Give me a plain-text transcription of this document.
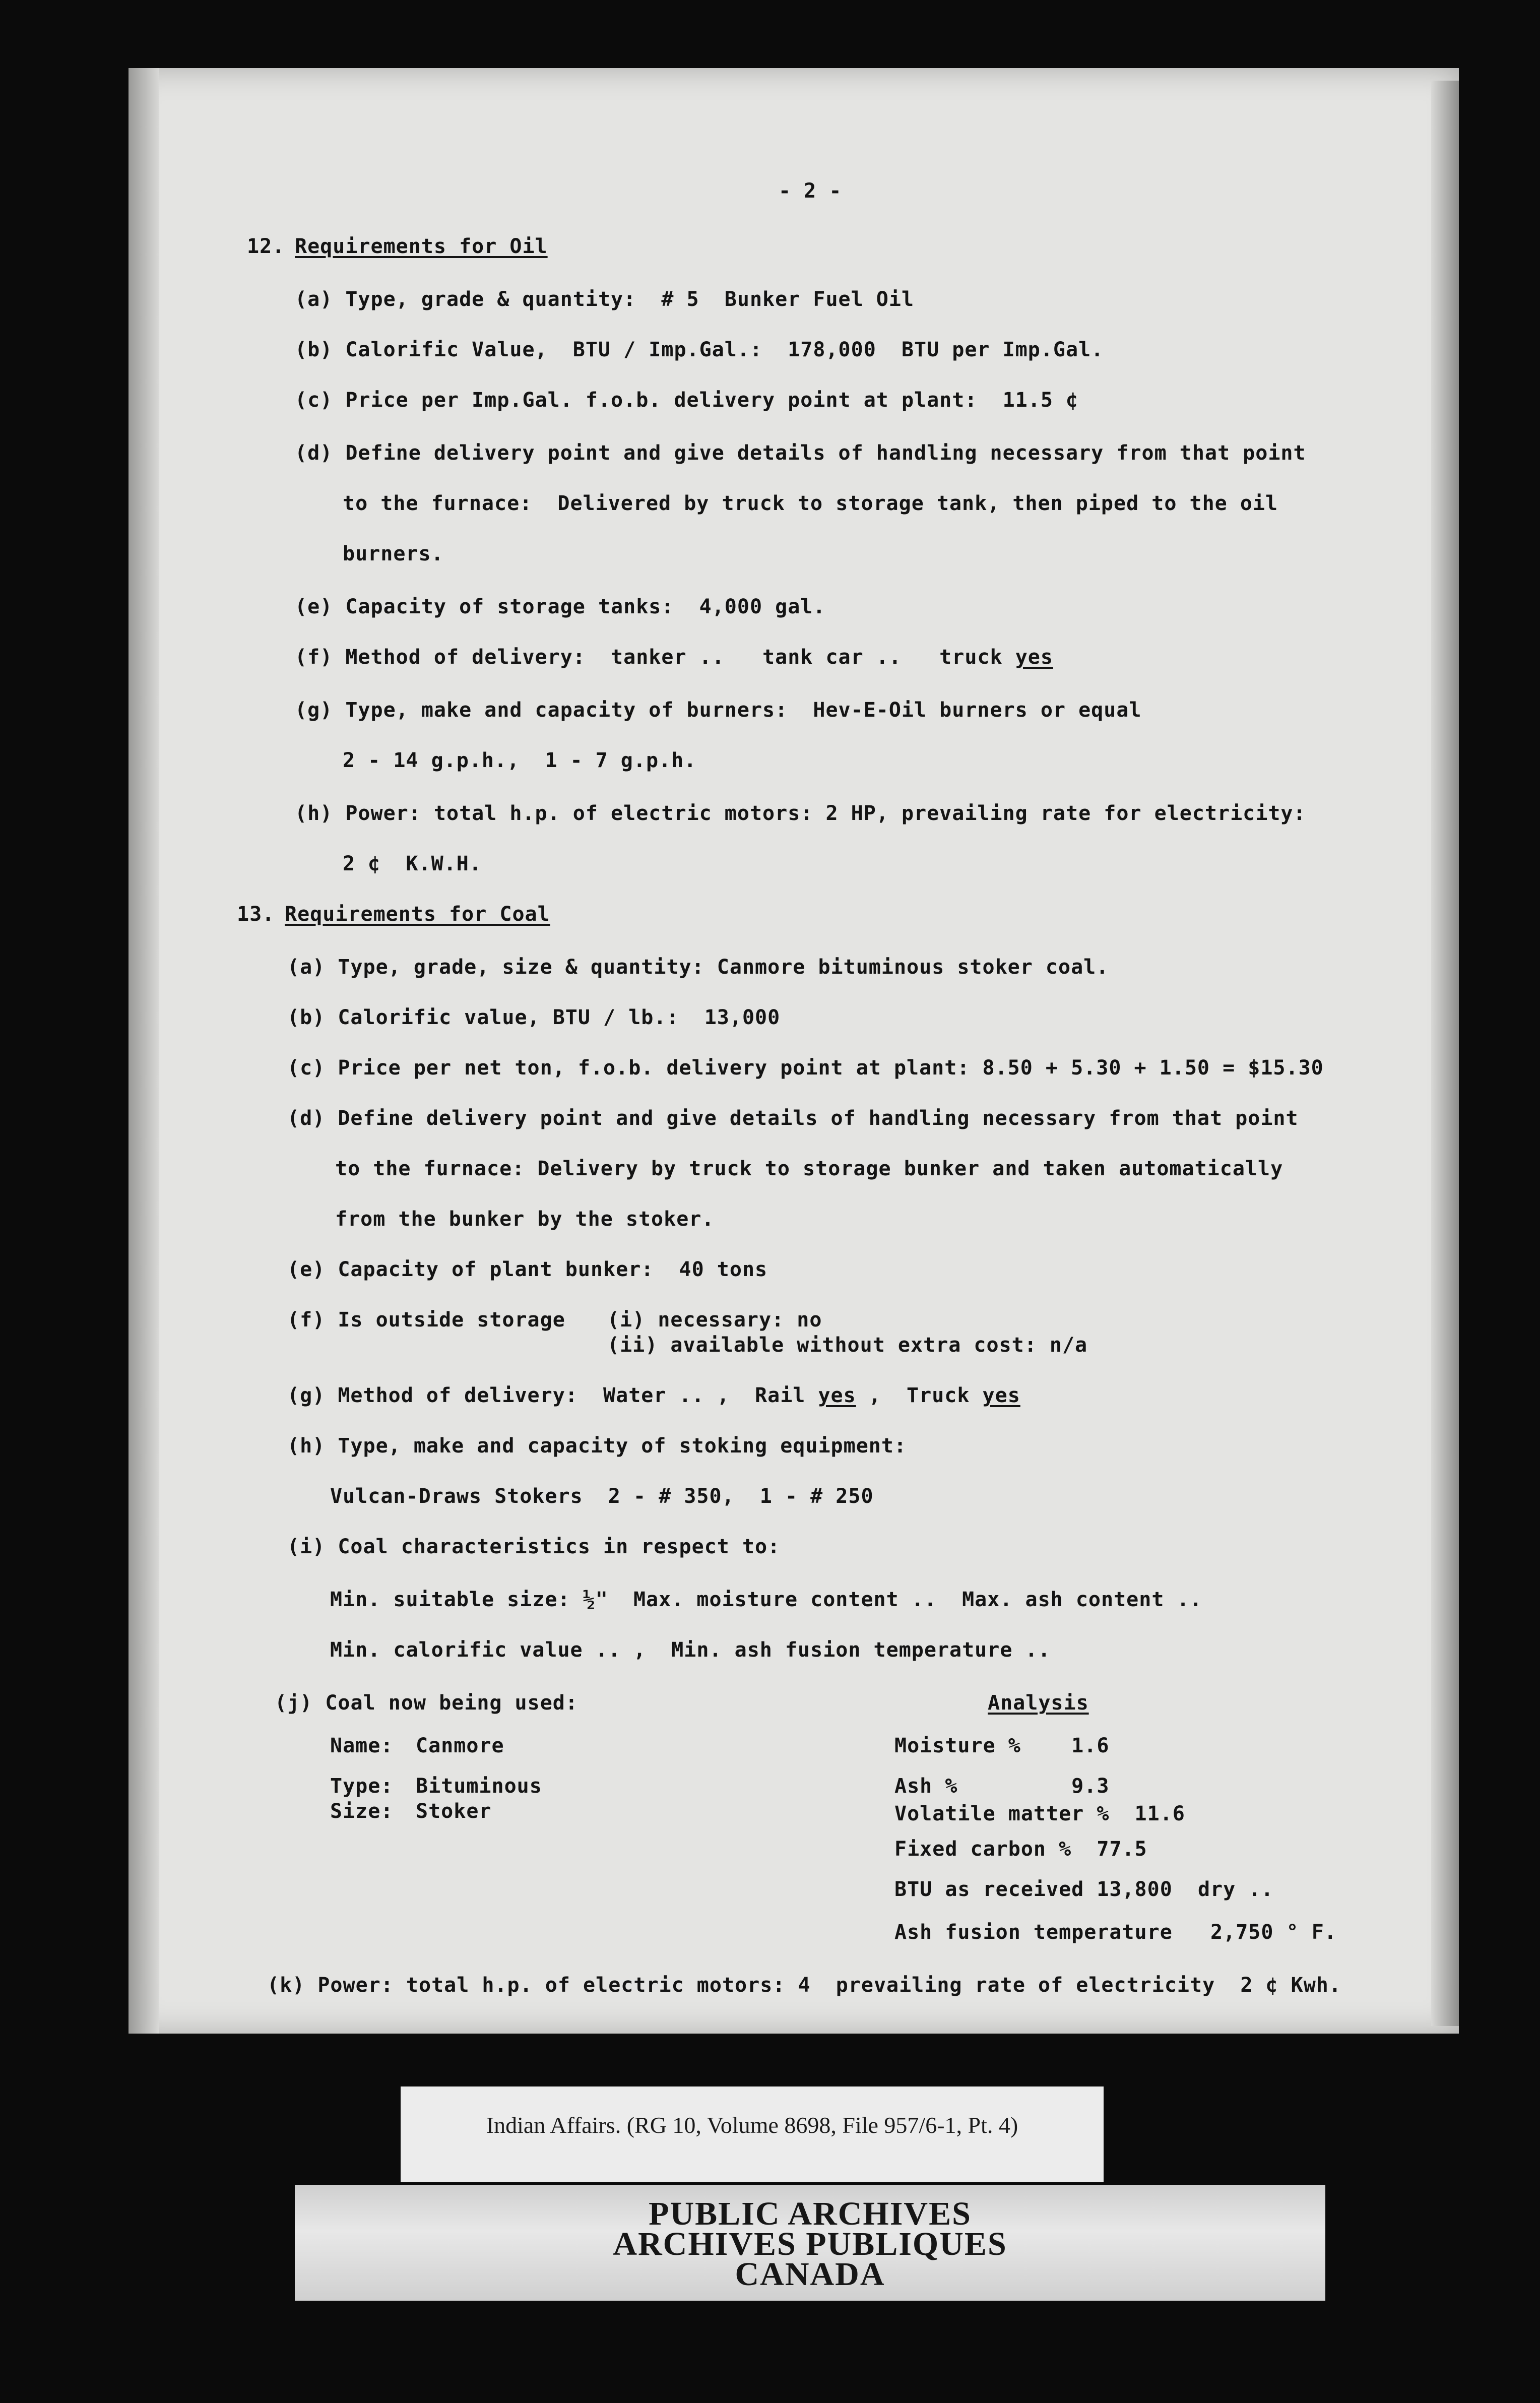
- 2 -
12. Requirements for Oil
(a) Type, grade & quantity:  # 5  Bunker Fuel Oil
(b) Calorific Value,  BTU / Imp.Gal.:  178,000  BTU per Imp.Gal.
(c) Price per Imp.Gal. f.o.b. delivery point at plant:  11.5 ¢
(d) Define delivery point and give details of handling necessary from that point
to the furnace:  Delivered by truck to storage tank, then piped to the oil
burners.
(e) Capacity of storage tanks:  4,000 gal.
(f) Method of delivery:  tanker ..   tank car ..   truck yes
(g) Type, make and capacity of burners:  Hev-E-Oil burners or equal
2 - 14 g.p.h.,  1 - 7 g.p.h.
(h) Power: total h.p. of electric motors: 2 HP, prevailing rate for electricity:
2 ¢  K.W.H.
13. Requirements for Coal
(a) Type, grade, size & quantity: Canmore bituminous stoker coal.
(b) Calorific value, BTU / lb.:  13,000
(c) Price per net ton, f.o.b. delivery point at plant: 8.50 + 5.30 + 1.50 = $15.30
(d) Define delivery point and give details of handling necessary from that point
to the furnace: Delivery by truck to storage bunker and taken automatically
from the bunker by the stoker.
(e) Capacity of plant bunker:  40 tons
(f) Is outside storage (i) necessary: no
(ii) available without extra cost: n/a
(g) Method of delivery:  Water .. ,  Rail yes ,  Truck yes
(h) Type, make and capacity of stoking equipment:
Vulcan-Draws Stokers  2 - # 350,  1 - # 250
(i) Coal characteristics in respect to:
Min. suitable size: ½"  Max. moisture content ..  Max. ash content ..
Min. calorific value .. ,  Min. ash fusion temperature ..
(j) Coal now being used:
Name: Canmore
Type: Bituminous
Size: Stoker
Analysis
Moisture %    1.6
Ash %         9.3
Volatile matter %  11.6
Fixed carbon %  77.5
BTU as received 13,800  dry ..
Ash fusion temperature   2,750 ° F.
(k) Power: total h.p. of electric motors: 4  prevailing rate of electricity  2 ¢ Kwh.
Indian Affairs. (RG 10, Volume 8698, File 957/6-1, Pt. 4)
PUBLIC ARCHIVES
ARCHIVES PUBLIQUES
CANADA
